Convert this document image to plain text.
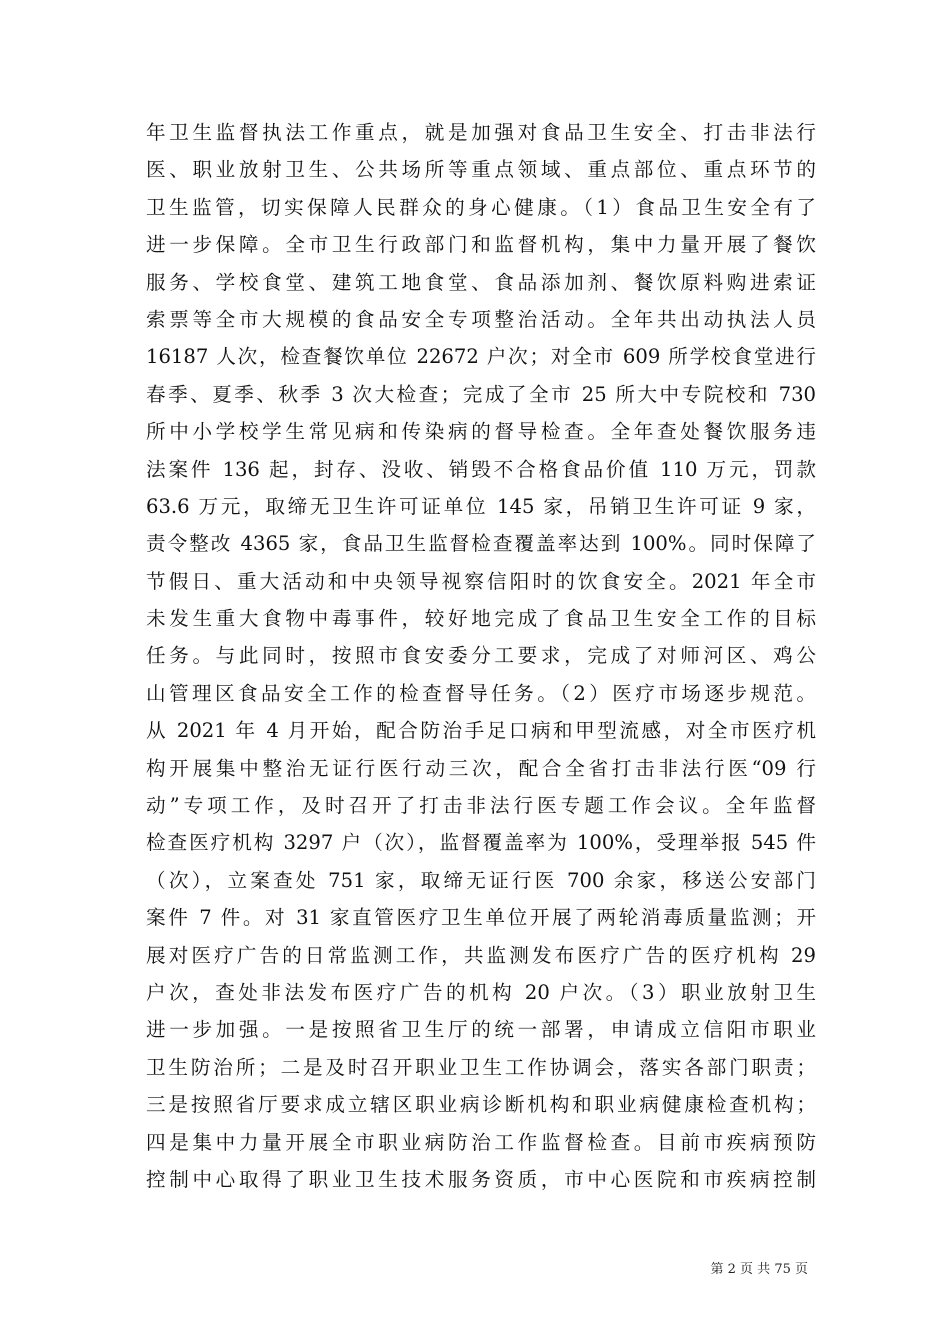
年卫生监督执法工作重点，就是加强对食品卫生安全、打击非法行
医、职业放射卫生、公共场所等重点领域、重点部位、重点环节的
卫生监管，切实保障人民群众的身心健康。（1）食品卫生安全有了
进一步保障。全市卫生行政部门和监督机构，集中力量开展了餐饮
服务、学校食堂、建筑工地食堂、食品添加剂、餐饮原料购进索证
索票等全市大规模的食品安全专项整治活动。全年共出动执法人员
16187 人次，检查餐饮单位 22672 户次；对全市 609 所学校食堂进行
春季、夏季、秋季 3 次大检查；完成了全市 25 所大中专院校和 730
所中小学校学生常见病和传染病的督导检查。全年查处餐饮服务违
法案件 136 起，封存、没收、销毁不合格食品价值 110 万元，罚款
63.6 万元，取缔无卫生许可证单位 145 家，吊销卫生许可证 9 家，
责令整改 4365 家，食品卫生监督检查覆盖率达到 100%。同时保障了
节假日、重大活动和中央领导视察信阳时的饮食安全。2021 年全市
未发生重大食物中毒事件，较好地完成了食品卫生安全工作的目标
任务。与此同时，按照市食安委分工要求，完成了对师河区、鸡公
山管理区食品安全工作的检查督导任务。（2）医疗市场逐步规范。
从 2021 年 4 月开始，配合防治手足口病和甲型流感，对全市医疗机
构开展集中整治无证行医行动三次，配合全省打击非法行医“09 行
动”专项工作，及时召开了打击非法行医专题工作会议。全年监督
检查医疗机构 3297 户（次），监督覆盖率为 100%，受理举报 545 件
（次），立案查处 751 家，取缔无证行医 700 余家，移送公安部门
案件 7 件。对 31 家直管医疗卫生单位开展了两轮消毒质量监测；开
展对医疗广告的日常监测工作，共监测发布医疗广告的医疗机构 29
户次，查处非法发布医疗广告的机构 20 户次。（3）职业放射卫生
进一步加强。一是按照省卫生厅的统一部署，申请成立信阳市职业
卫生防治所；二是及时召开职业卫生工作协调会，落实各部门职责；
三是按照省厅要求成立辖区职业病诊断机构和职业病健康检查机构；
四是集中力量开展全市职业病防治工作监督检查。目前市疾病预防
控制中心取得了职业卫生技术服务资质，市中心医院和市疾病控制
第 2 页 共 75 页
